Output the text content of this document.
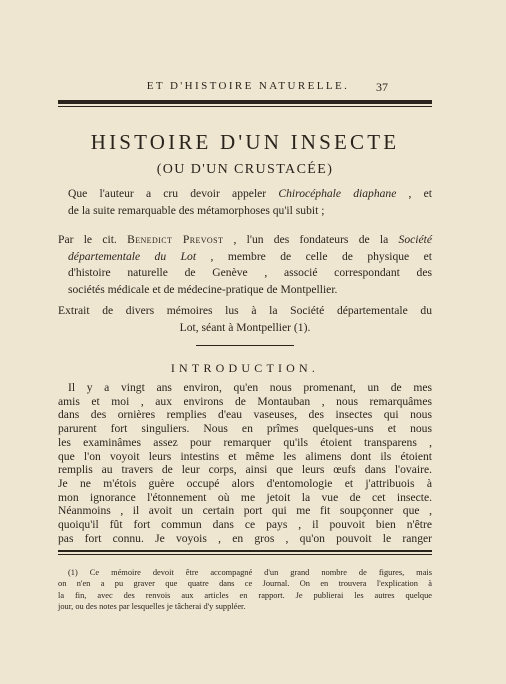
ET D'HISTOIRE NATURELLE.	37
HISTOIRE D'UN INSECTE
(OU D'UN CRUSTACÉE)
Que l'auteur a cru devoir appeler Chirocéphale diaphane , et
de la suite remarquable des métamorphoses qu'il subit ;
Par le cit. Benedict Prevost , l'un des fondateurs de la Société
départementale du Lot , membre de celle de physique et
d'histoire naturelle de Genève , associé correspondant des
sociétés médicale et de médecine-pratique de Montpellier.
Extrait de divers mémoires lus à la Société départementale du
Lot, séant à Montpellier (1).
INTRODUCTION.
Il y a vingt ans environ, qu'en nous promenant, un de mes
amis et moi , aux environs de Montauban , nous remarquâmes
dans des ornières remplies d'eau vaseuses, des insectes qui nous
parurent fort singuliers. Nous en prîmes quelques-uns et nous
les examinâmes assez pour remarquer qu'ils étoient transparens ,
que l'on voyoit leurs intestins et même les alimens dont ils étoient
remplis au travers de leur corps, ainsi que leurs œufs dans l'ovaire.
Je ne m'étois guère occupé alors d'entomologie et j'attribuois à
mon ignorance l'étonnement où me jetoit la vue de cet insecte.
Néanmoins , il avoit un certain port qui me fit soupçonner que ,
quoiqu'il fût fort commun dans ce pays , il pouvoit bien n'être
pas fort connu. Je voyois , en gros , qu'on pouvoit le ranger
(1) Ce mémoire devoit être accompagné d'un grand nombre de figures, mais
on n'en a pu graver que quatre dans ce Journal. On en trouvera l'explication à
la fin, avec des renvois aux articles en rapport. Je publierai les autres quelque
jour, ou des notes par lesquelles je tâcherai d'y suppléer.
